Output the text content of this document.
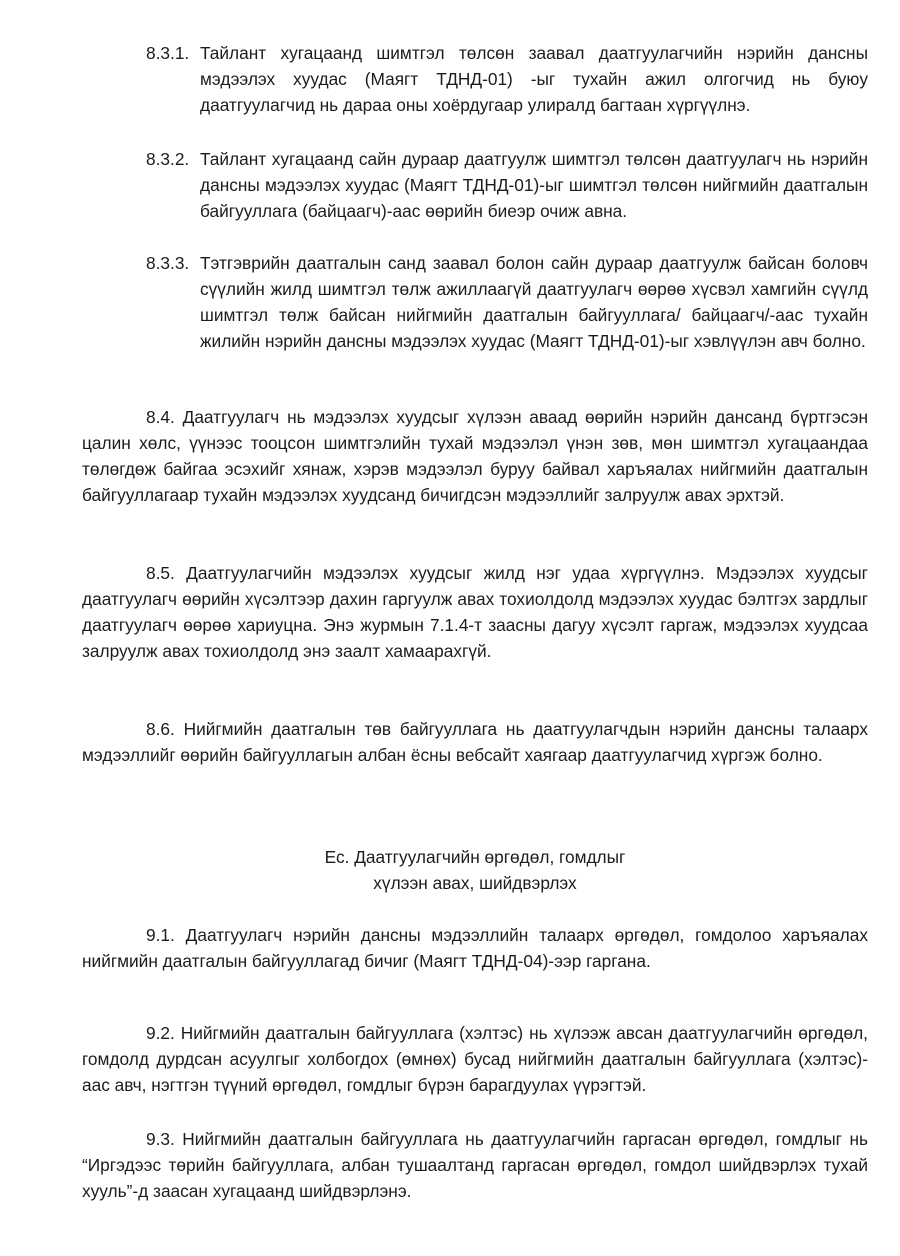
8.3.1. Тайлант хугацаанд шимтгэл төлсөн заавал даатгуулагчийн нэрийн дансны мэдээлэх хуудас (Маягт ТДНД-01) -ыг тухайн ажил олгогчид нь буюу даатгуулагчид нь дараа оны хоёрдугаар улиралд багтаан хүргүүлнэ.
8.3.2. Тайлант хугацаанд сайн дураар даатгуулж шимтгэл төлсөн даатгуулагч нь нэрийн дансны мэдээлэх хуудас (Маягт ТДНД-01)-ыг шимтгэл төлсөн нийгмийн даатгалын байгууллага (байцаагч)-аас өөрийн биеэр очиж авна.
8.3.3. Тэтгэврийн даатгалын санд заавал болон сайн дураар даатгуулж байсан боловч сүүлийн жилд шимтгэл төлж ажиллаагүй даатгуулагч өөрөө хүсвэл хамгийн сүүлд шимтгэл төлж байсан нийгмийн даатгалын байгууллага/ байцаагч/-аас тухайн жилийн нэрийн дансны мэдээлэх хуудас (Маягт ТДНД-01)-ыг хэвлүүлэн авч болно.

8.4. Даатгуулагч нь мэдээлэх хуудсыг хүлээн аваад өөрийн нэрийн дансанд бүртгэсэн цалин хөлс, үүнээс тооцсон шимтгэлийн тухай мэдээлэл үнэн зөв, мөн шимтгэл хугацаандаа төлөгдөж байгаа эсэхийг хянаж, хэрэв мэдээлэл буруу байвал харъяалах нийгмийн даатгалын байгууллагаар тухайн мэдээлэх хуудсанд бичигдсэн мэдээллийг залруулж авах эрхтэй.

8.5. Даатгуулагчийн мэдээлэх хуудсыг жилд нэг удаа хүргүүлнэ. Мэдээлэх хуудсыг даатгуулагч өөрийн хүсэлтээр дахин гаргуулж авах тохиолдолд мэдээлэх хуудас бэлтгэх зардлыг даатгуулагч өөрөө хариуцна. Энэ журмын 7.1.4-т заасны дагуу хүсэлт гаргаж, мэдээлэх хуудсаа залруулж авах тохиолдолд энэ заалт хамаарахгүй.

8.6. Нийгмийн даатгалын төв байгууллага нь даатгуулагчдын нэрийн дансны талаарх мэдээллийг өөрийн байгууллагын албан ёсны вебсайт хаягаар даатгуулагчид хүргэж болно.

Ес. Даатгуулагчийн өргөдөл, гомдлыг

хүлээн авах, шийдвэрлэх

9.1. Даатгуулагч нэрийн дансны мэдээллийн талаарх өргөдөл, гомдолоо харъяалах нийгмийн даатгалын байгууллагад бичиг (Маягт ТДНД-04)-ээр гаргана.

9.2. Нийгмийн даатгалын байгууллага (хэлтэс) нь хүлээж авсан даатгуулагчийн өргөдөл, гомдолд дурдсан асуулгыг холбогдох (өмнөх) бусад нийгмийн даатгалын байгууллага (хэлтэс)-аас авч, нэгтгэн түүний өргөдөл, гомдлыг бүрэн барагдуулах үүрэгтэй.

9.3. Нийгмийн даатгалын байгууллага нь даатгуулагчийн гаргасан өргөдөл, гомдлыг нь “Иргэдээс төрийн байгууллага, албан тушаалтанд гаргасан өргөдөл, гомдол шийдвэрлэх тухай хууль”-д заасан хугацаанд шийдвэрлэнэ.
